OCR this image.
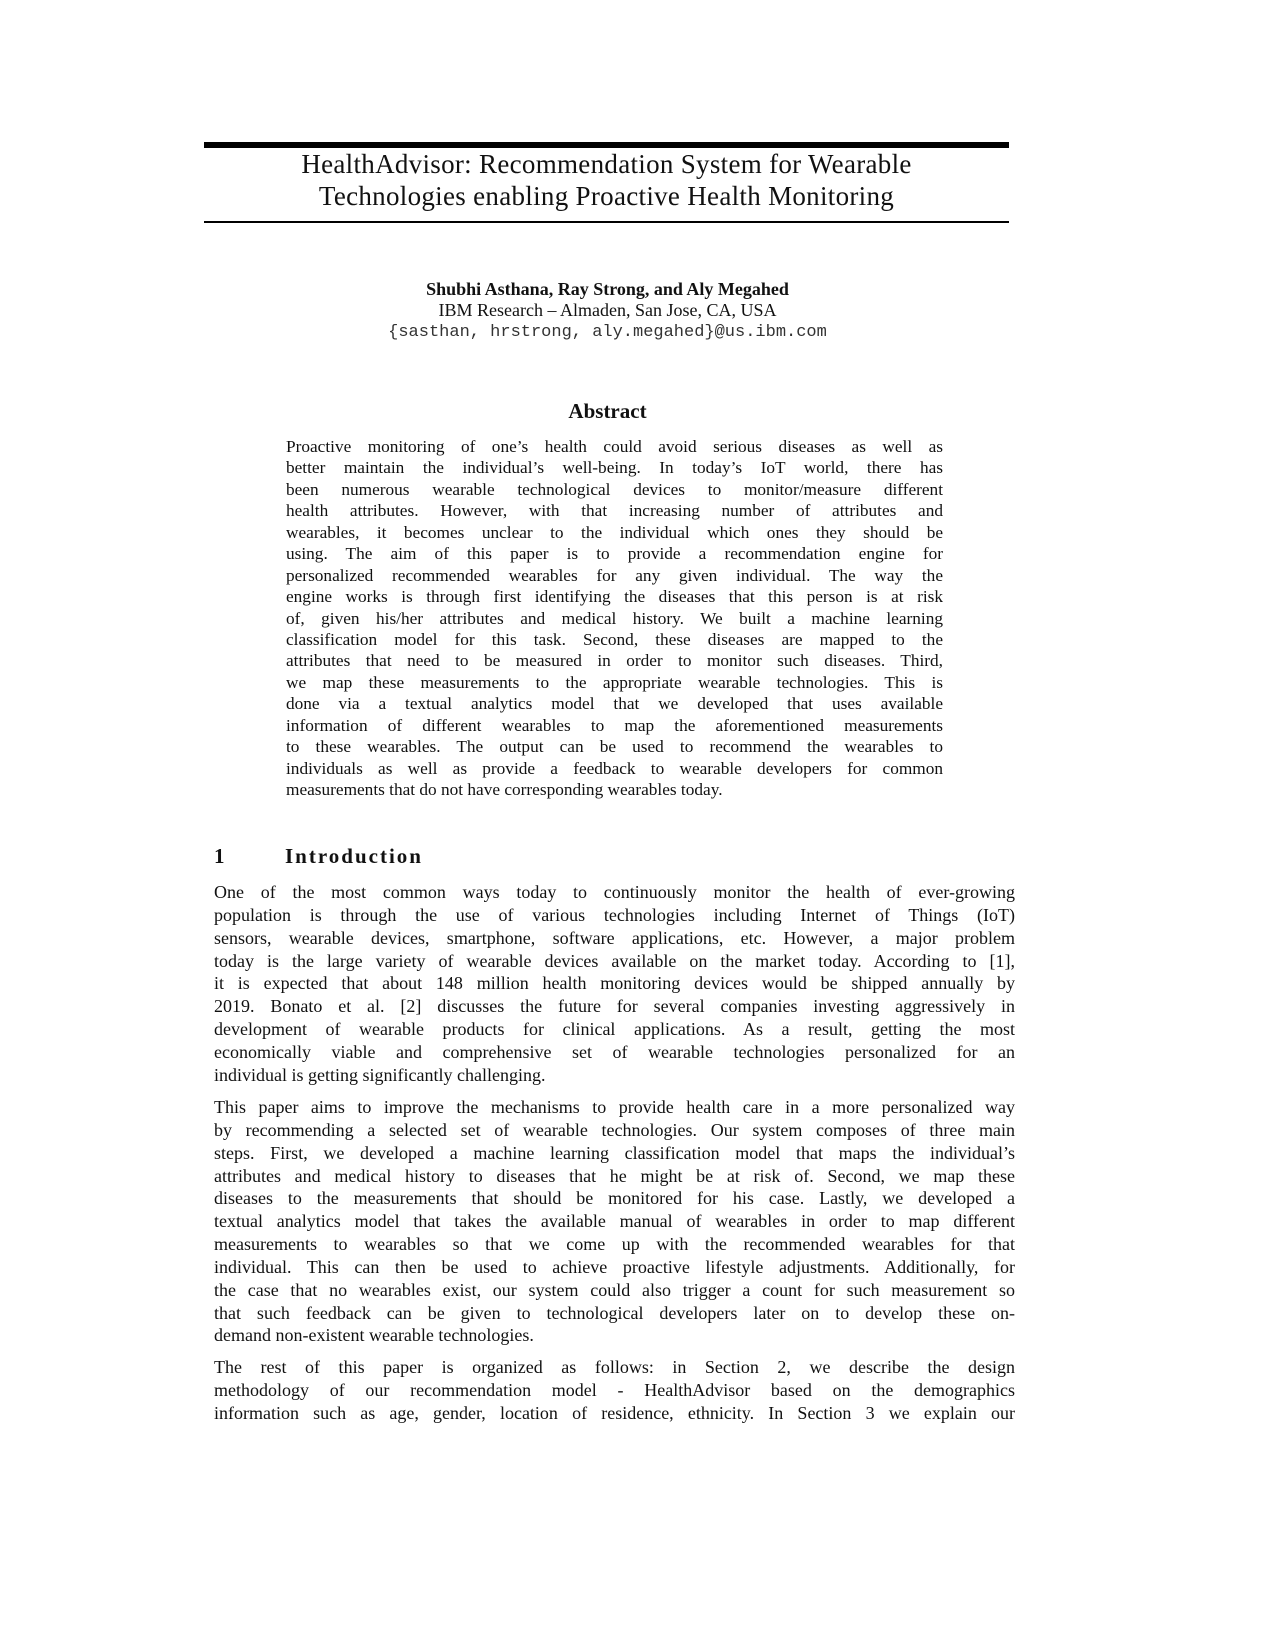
HealthAdvisor: Recommendation System for Wearable
Technologies enabling Proactive Health Monitoring
Shubhi Asthana, Ray Strong, and Aly Megahed
IBM Research – Almaden, San Jose, CA, USA
{sasthan, hrstrong, aly.megahed}@us.ibm.com
Abstract
Proactive monitoring of one’s health could avoid serious diseases as well as
better maintain the individual’s well-being. In today’s IoT world, there has
been numerous wearable technological devices to monitor/measure different
health attributes. However, with that increasing number of attributes and
wearables, it becomes unclear to the individual which ones they should be
using. The aim of this paper is to provide a recommendation engine for
personalized recommended wearables for any given individual. The way the
engine works is through first identifying the diseases that this person is at risk
of, given his/her attributes and medical history. We built a machine learning
classification model for this task. Second, these diseases are mapped to the
attributes that need to be measured in order to monitor such diseases. Third,
we map these measurements to the appropriate wearable technologies. This is
done via a textual analytics model that we developed that uses available
information of different wearables to map the aforementioned measurements
to these wearables. The output can be used to recommend the wearables to
individuals as well as provide a feedback to wearable developers for common
measurements that do not have corresponding wearables today.
1	Introduction
One of the most common ways today to continuously monitor the health of ever-growing
population is through the use of various technologies including Internet of Things (IoT)
sensors, wearable devices, smartphone, software applications, etc. However, a major problem
today is the large variety of wearable devices available on the market today. According to [1],
it is expected that about 148 million health monitoring devices would be shipped annually by
2019. Bonato et al. [2] discusses the future for several companies investing aggressively in
development of wearable products for clinical applications. As a result, getting the most
economically viable and comprehensive set of wearable technologies personalized for an
individual is getting significantly challenging.
This paper aims to improve the mechanisms to provide health care in a more personalized way
by recommending a selected set of wearable technologies. Our system composes of three main
steps. First, we developed a machine learning classification model that maps the individual’s
attributes and medical history to diseases that he might be at risk of. Second, we map these
diseases to the measurements that should be monitored for his case. Lastly, we developed a
textual analytics model that takes the available manual of wearables in order to map different
measurements to wearables so that we come up with the recommended wearables for that
individual. This can then be used to achieve proactive lifestyle adjustments. Additionally, for
the case that no wearables exist, our system could also trigger a count for such measurement so
that such feedback can be given to technological developers later on to develop these on-
demand non-existent wearable technologies.
The rest of this paper is organized as follows: in Section 2, we describe the design
methodology of our recommendation model - HealthAdvisor based on the demographics
information such as age, gender, location of residence, ethnicity. In Section 3 we explain our
